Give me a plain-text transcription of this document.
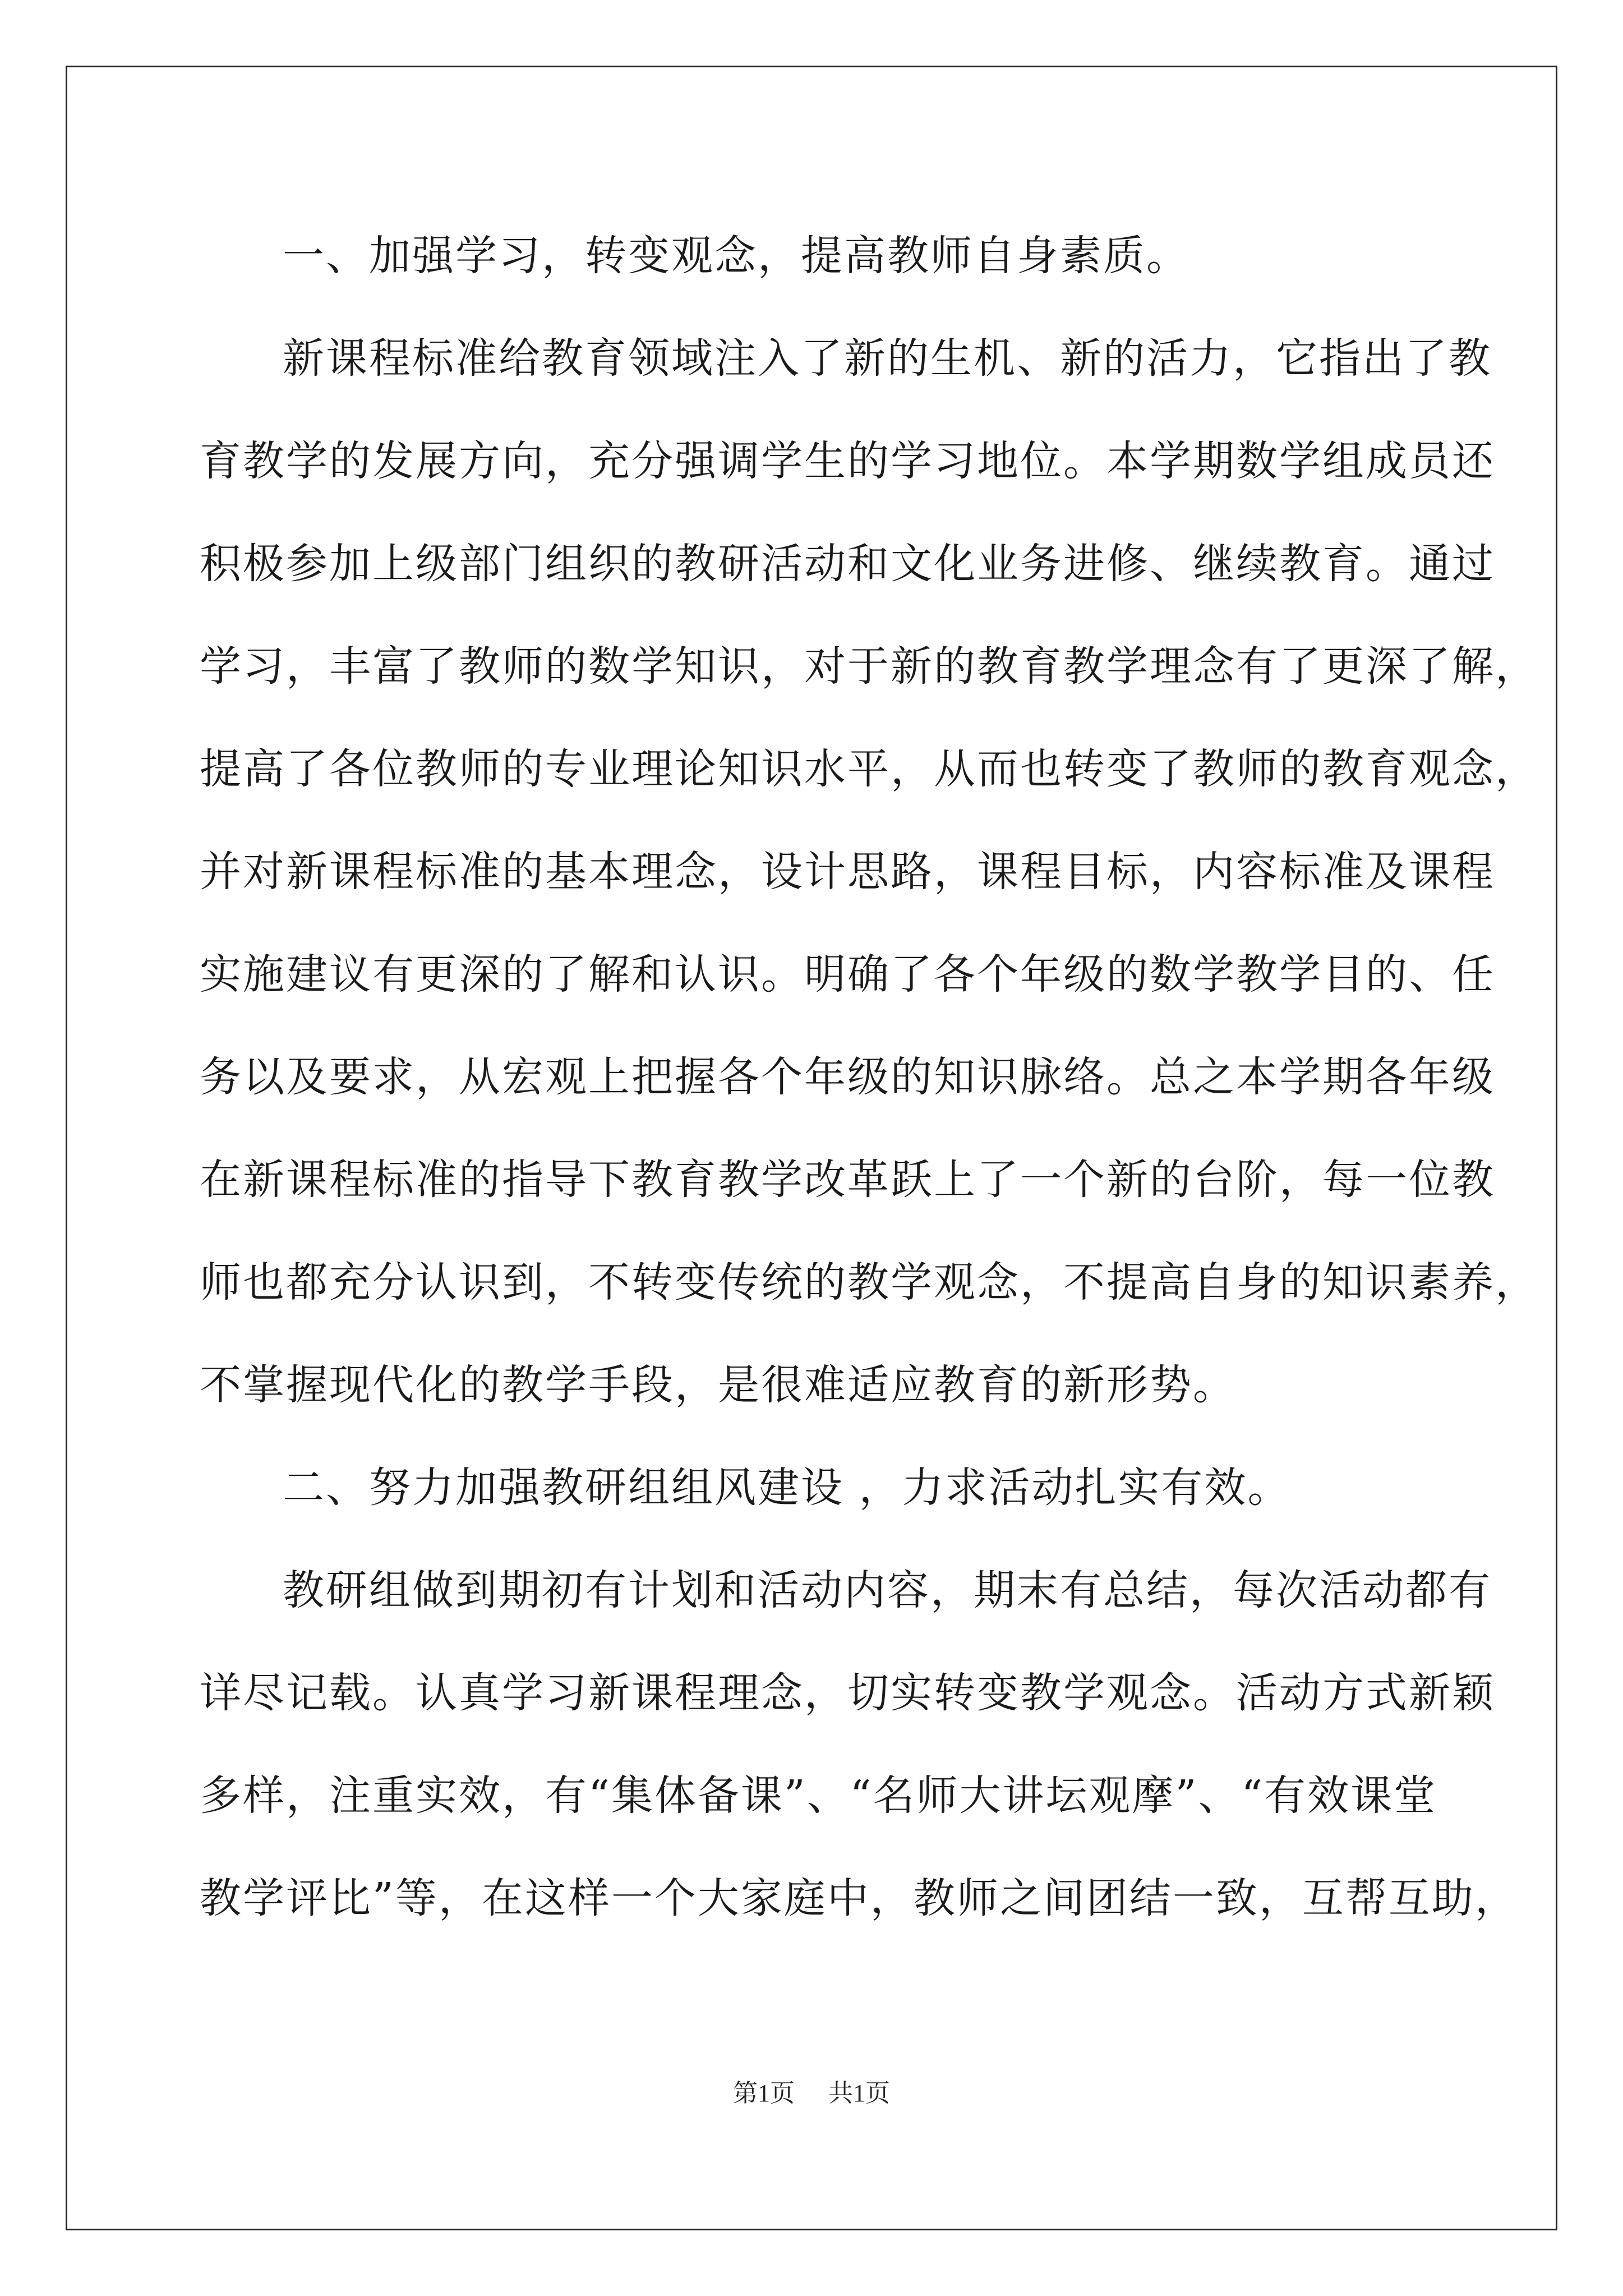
一、加强学习，转变观念，提高教师自身素质。

新课程标准给教育领域注入了新的生机、新的活力，它指出了教
育教学的发展方向，充分强调学生的学习地位。本学期数学组成员还
积极参加上级部门组织的教研活动和文化业务进修、继续教育。通过
学习，丰富了教师的数学知识，对于新的教育教学理念有了更深了解，
提高了各位教师的专业理论知识水平，从而也转变了教师的教育观念，
并对新课程标准的基本理念，设计思路，课程目标，内容标准及课程
实施建议有更深的了解和认识。明确了各个年级的数学教学目的、任
务以及要求，从宏观上把握各个年级的知识脉络。总之本学期各年级
在新课程标准的指导下教育教学改革跃上了一个新的台阶，每一位教
师也都充分认识到，不转变传统的教学观念，不提高自身的知识素养，
不掌握现代化的教学手段，是很难适应教育的新形势。

二、努力加强教研组组风建设 ，力求活动扎实有效。

教研组做到期初有计划和活动内容，期末有总结，每次活动都有
详尽记载。认真学习新课程理念，切实转变教学观念。活动方式新颖
多样，注重实效，有“集体备课”、“名师大讲坛观摩”、“有效课堂
教学评比”等，在这样一个大家庭中，教师之间团结一致，互帮互助，

第1页 共1页
